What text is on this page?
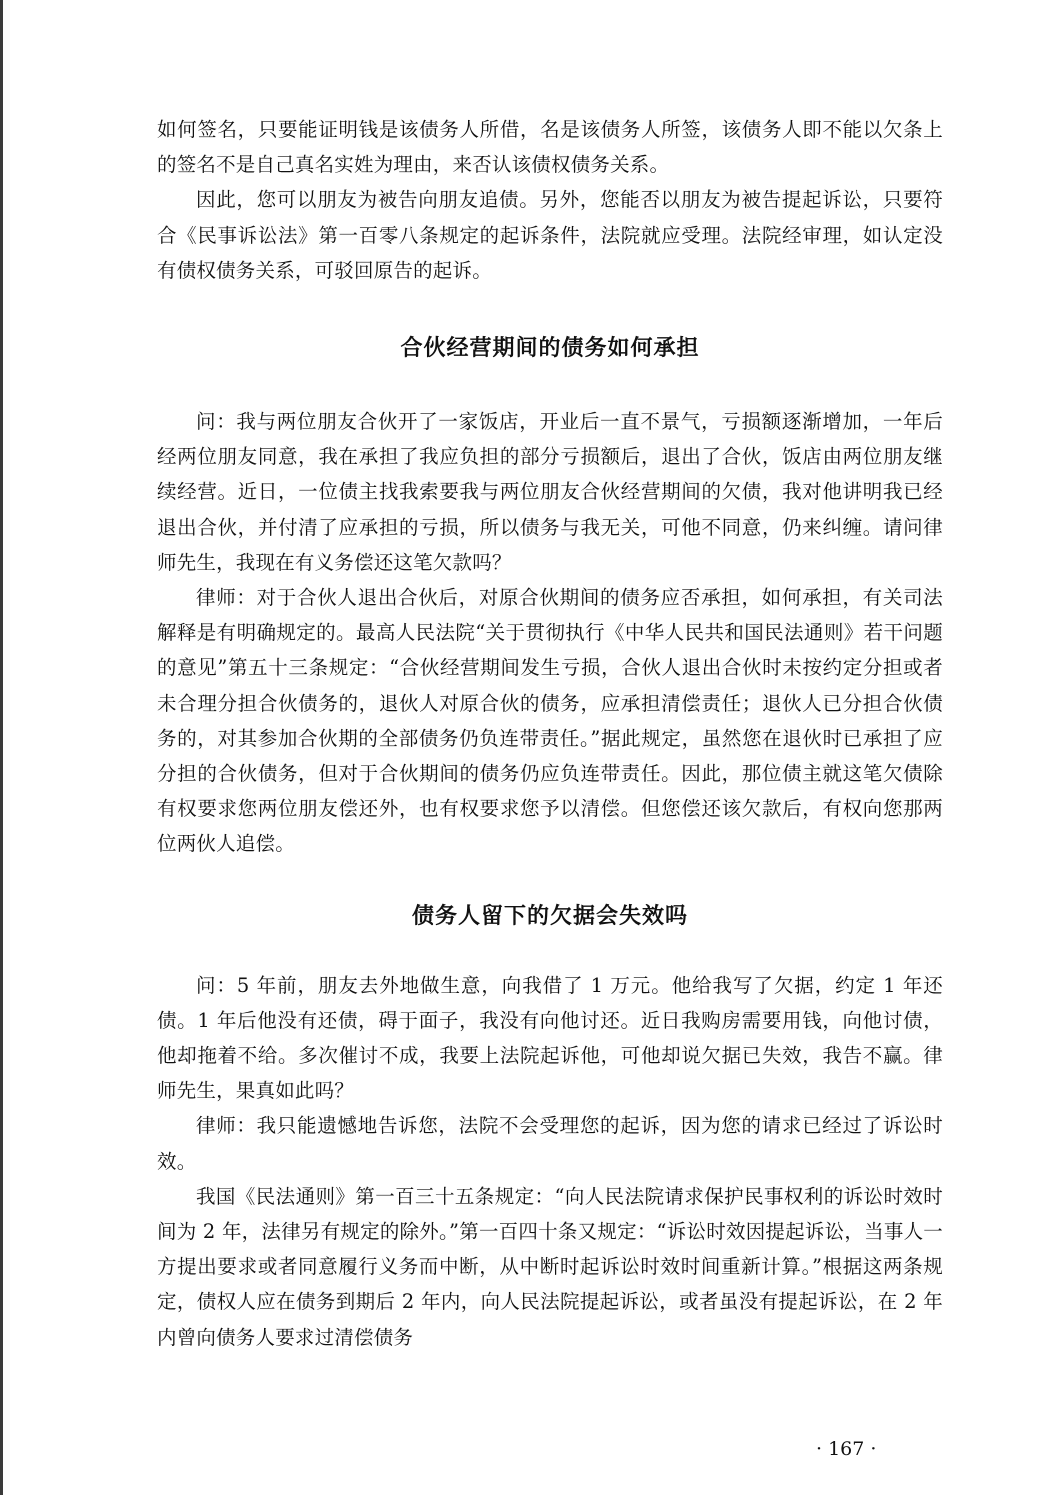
如何签名，只要能证明钱是该债务人所借，名是该债务人所签，该债务人即不能以欠条上的签名不是自己真名实姓为理由，来否认该债权债务关系。

因此，您可以朋友为被告向朋友追债。另外，您能否以朋友为被告提起诉讼，只要符合《民事诉讼法》第一百零八条规定的起诉条件，法院就应受理。法院经审理，如认定没有债权债务关系，可驳回原告的起诉。

合伙经营期间的债务如何承担

问：我与两位朋友合伙开了一家饭店，开业后一直不景气，亏损额逐渐增加，一年后经两位朋友同意，我在承担了我应负担的部分亏损额后，退出了合伙，饭店由两位朋友继续经营。近日，一位债主找我索要我与两位朋友合伙经营期间的欠债，我对他讲明我已经退出合伙，并付清了应承担的亏损，所以债务与我无关，可他不同意，仍来纠缠。请问律师先生，我现在有义务偿还这笔欠款吗？

律师：对于合伙人退出合伙后，对原合伙期间的债务应否承担，如何承担，有关司法解释是有明确规定的。最高人民法院“关于贯彻执行《中华人民共和国民法通则》若干问题的意见”第五十三条规定：“合伙经营期间发生亏损，合伙人退出合伙时未按约定分担或者未合理分担合伙债务的，退伙人对原合伙的债务，应承担清偿责任；退伙人已分担合伙债务的，对其参加合伙期的全部债务仍负连带责任。”据此规定，虽然您在退伙时已承担了应分担的合伙债务，但对于合伙期间的债务仍应负连带责任。因此，那位债主就这笔欠债除有权要求您两位朋友偿还外，也有权要求您予以清偿。但您偿还该欠款后，有权向您那两位两伙人追偿。

债务人留下的欠据会失效吗

问：5 年前，朋友去外地做生意，向我借了 1 万元。他给我写了欠据，约定 1 年还债。1 年后他没有还债，碍于面子，我没有向他讨还。近日我购房需要用钱，向他讨债，他却拖着不给。多次催讨不成，我要上法院起诉他，可他却说欠据已失效，我告不赢。律师先生，果真如此吗？

律师：我只能遗憾地告诉您，法院不会受理您的起诉，因为您的请求已经过了诉讼时效。

我国《民法通则》第一百三十五条规定：“向人民法院请求保护民事权利的诉讼时效时间为 2 年，法律另有规定的除外。”第一百四十条又规定：“诉讼时效因提起诉讼，当事人一方提出要求或者同意履行义务而中断，从中断时起诉讼时效时间重新计算。”根据这两条规定，债权人应在债务到期后 2 年内，向人民法院提起诉讼，或者虽没有提起诉讼，在 2 年内曾向债务人要求过清偿债务

· 167 ·
